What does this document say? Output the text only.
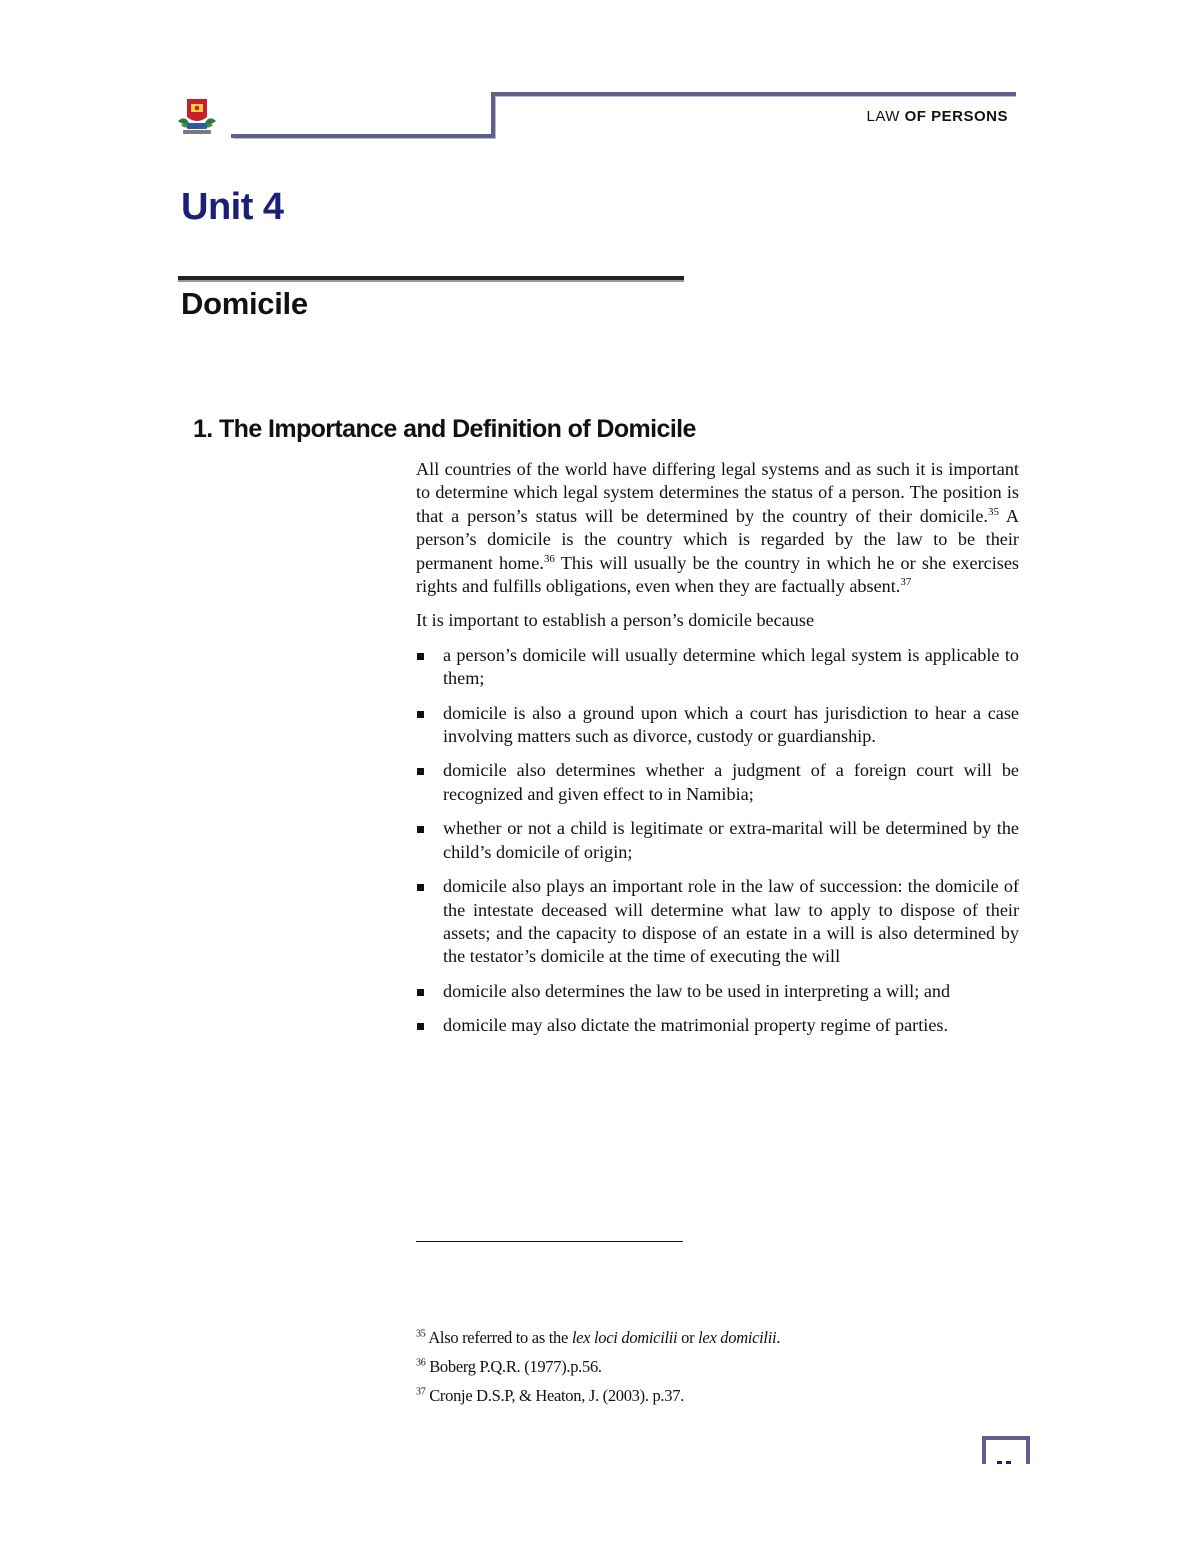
LAW OF PERSONS
Unit 4
Domicile
1. The Importance and Definition of Domicile

All countries of the world have differing legal systems and as such it is important to determine which legal system determines the status of a person. The position is that a person’s status will be determined by the country of their domicile.$^{35}$ A person’s domicile is the country which is regarded by the law to be their permanent home.$^{36}$ This will usually be the country in which he or she exercises rights and fulfills obligations, even when they are factually absent.$^{37}$

It is important to establish a person’s domicile because

a person’s domicile will usually determine which legal system is applicable to them;
domicile is also a ground upon which a court has jurisdiction to hear a case involving matters such as divorce, custody or guardianship.
domicile also determines whether a judgment of a foreign court will be recognized and given effect to in Namibia;
whether or not a child is legitimate or extra-marital will be determined by the child’s domicile of origin;
domicile also plays an important role in the law of succession: the domicile of the intestate deceased will determine what law to apply to dispose of their assets; and the capacity to dispose of an estate in a will is also determined by the testator’s domicile at the time of executing the will
domicile also determines the law to be used in interpreting a will; and
domicile may also dictate the matrimonial property regime of parties.
$^{35}$ Also referred to as the lex loci domicilii or lex domicilii.
$^{36}$ Boberg P.Q.R. (1977).p.56.
$^{37}$ Cronje D.S.P, & Heaton, J. (2003). p.37.
